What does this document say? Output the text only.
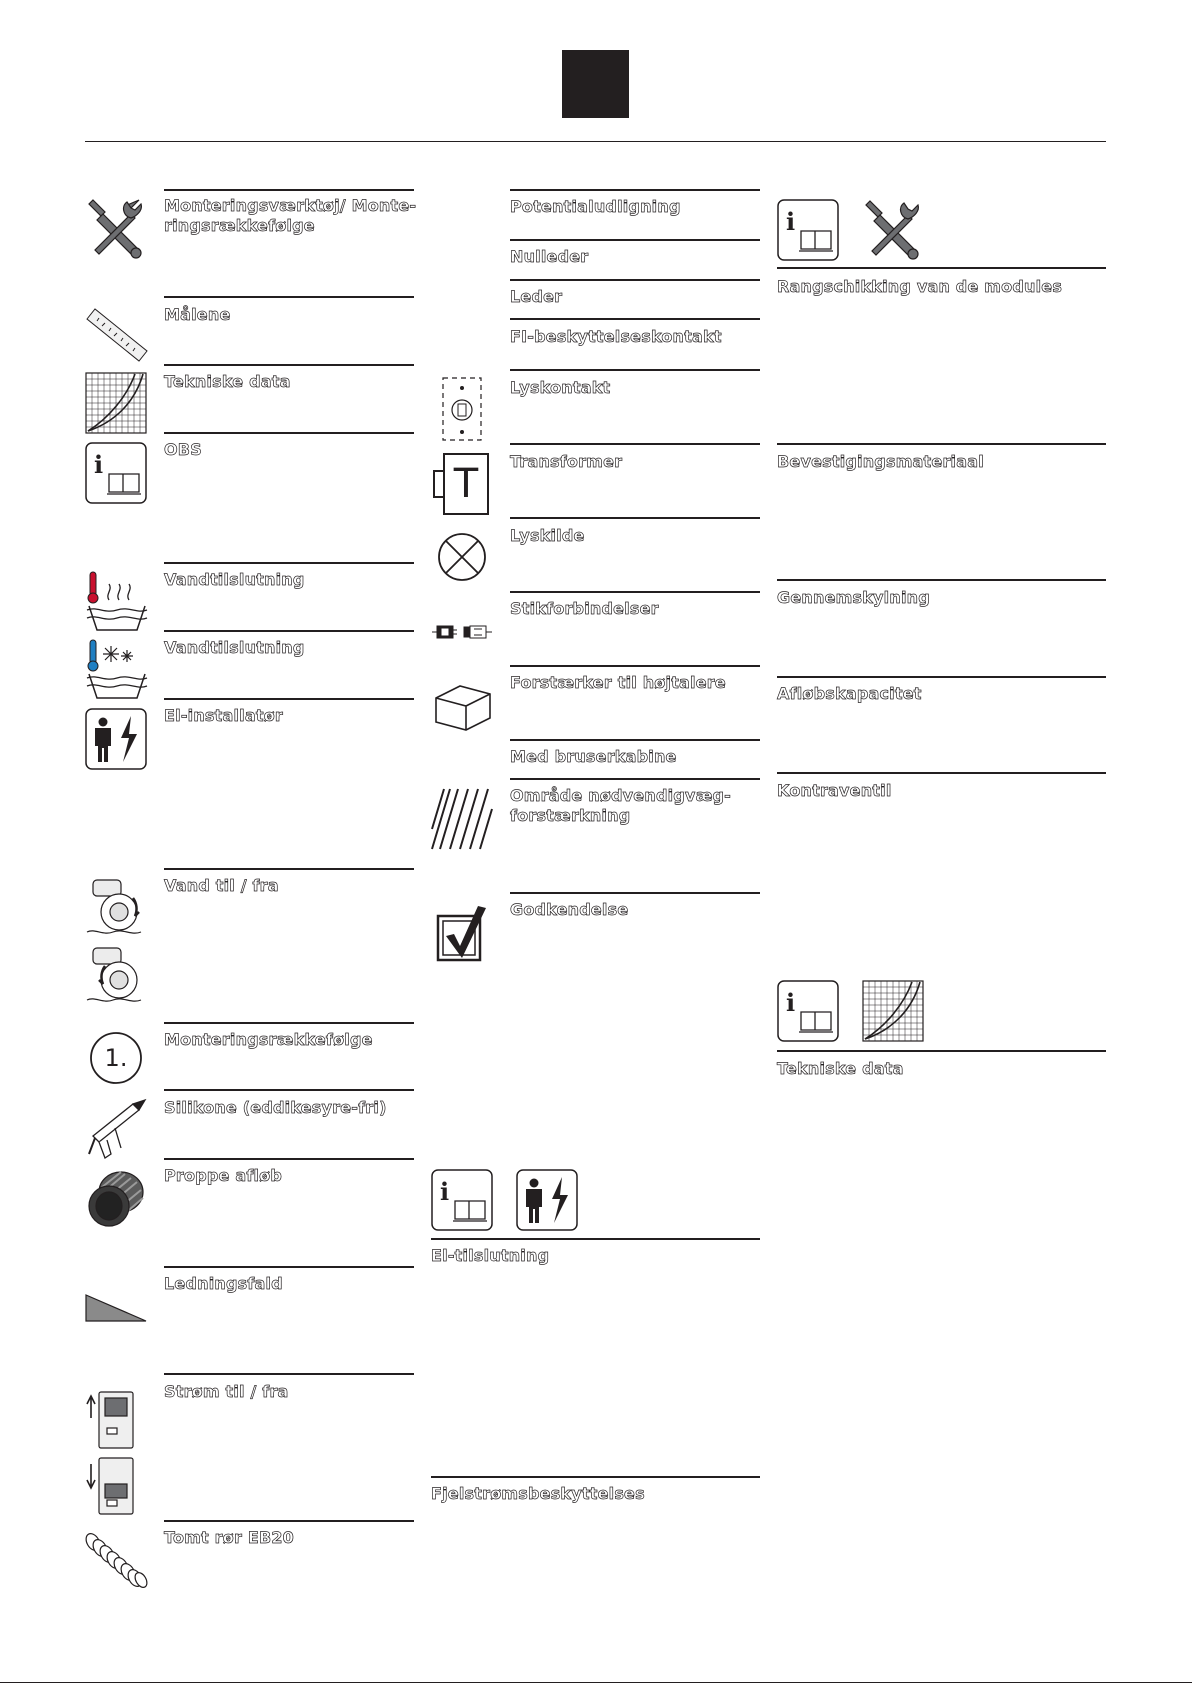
Monteringsværktøj/ Monte-
ringsrækkefølge
Målene
Tekniske data
OBS
i
Vandtilslutning
Vandtilslutning
El-installatør
Vand til / fra
Monteringsrækkefølge
1.
Silikone (eddikesyre-fri)
Proppe afløb
Ledningsfald
Strøm til / fra
Tomt rør EB20
Potentialudligning
Nulleder
Leder
FI-beskyttelseskontakt
Lyskontakt
Transformer
T
Lyskilde
Stikforbindelser
Forstærker til højtalere
Med bruserkabine
Område nødvendigvæg-
forstærkning
Godkendelse
i
El-tilslutning
Fjelstrømsbeskyttelses
i
Rangschikking van de modules
Bevestigingsmateriaal
Gennemskylning
Afløbskapacitet
Kontraventil
i
Tekniske data
